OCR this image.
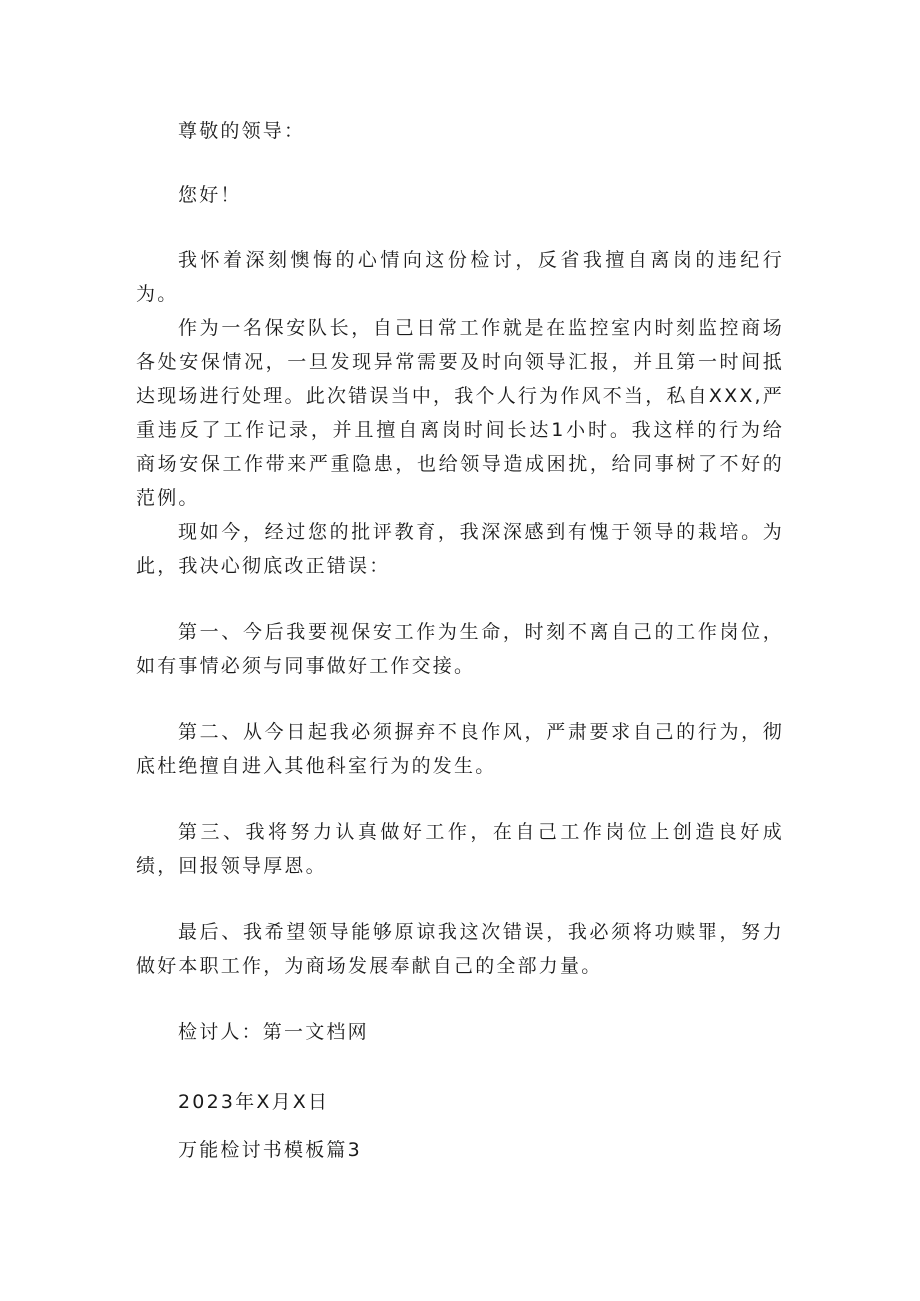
尊敬的领导：
您好！
我怀着深刻懊悔的心情向这份检讨，反省我擅自离岗的违纪行为。
作为一名保安队长，自己日常工作就是在监控室内时刻监控商场各处安保情况，一旦发现异常需要及时向领导汇报，并且第一时间抵达现场进行处理。此次错误当中，我个人行为作风不当，私自XXX,严重违反了工作记录，并且擅自离岗时间长达1小时。我这样的行为给商场安保工作带来严重隐患，也给领导造成困扰，给同事树了不好的范例。
现如今，经过您的批评教育，我深深感到有愧于领导的栽培。为此，我决心彻底改正错误：
第一、今后我要视保安工作为生命，时刻不离自己的工作岗位，如有事情必须与同事做好工作交接。
第二、从今日起我必须摒弃不良作风，严肃要求自己的行为，彻底杜绝擅自进入其他科室行为的发生。
第三、我将努力认真做好工作，在自己工作岗位上创造良好成绩，回报领导厚恩。
最后、我希望领导能够原谅我这次错误，我必须将功赎罪，努力做好本职工作，为商场发展奉献自己的全部力量。
检讨人：第一文档网
2023年X月X日
万能检讨书模板篇3
